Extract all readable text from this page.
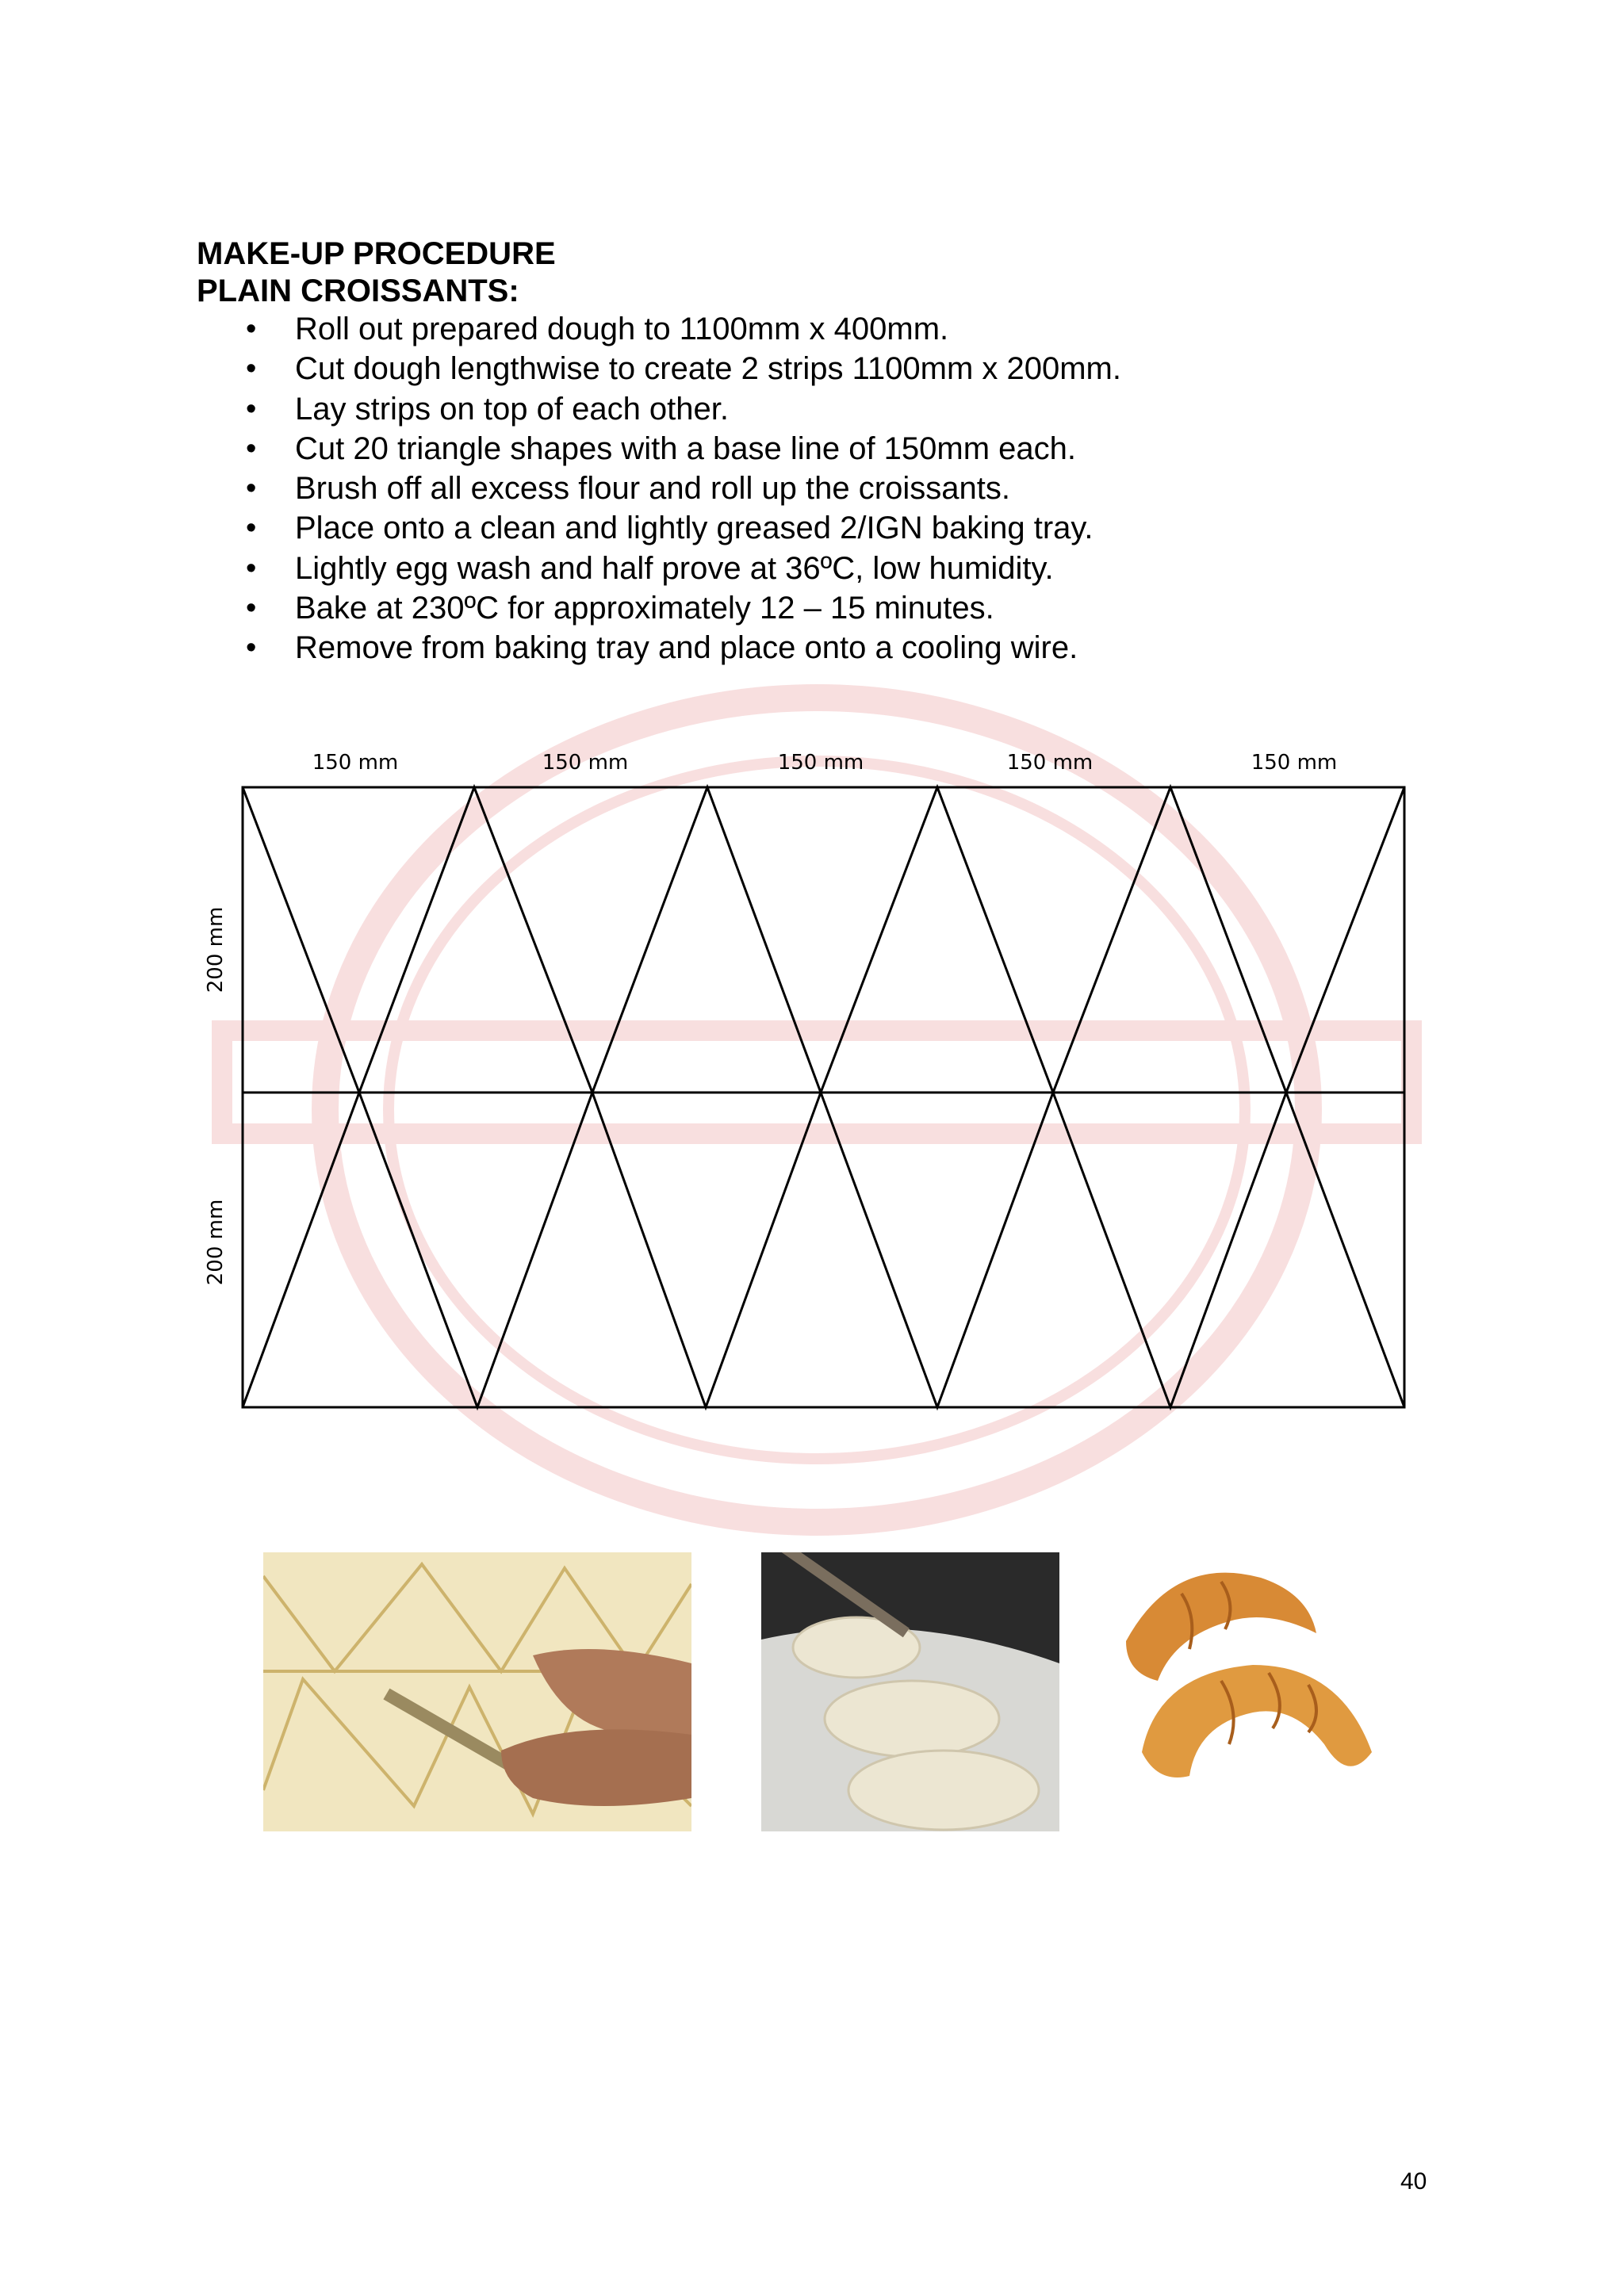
MAKE-UP PROCEDURE
PLAIN CROISSANTS:
• Roll out prepared dough to 1100mm x 400mm.
• Cut dough lengthwise to create 2 strips 1100mm x 200mm.
• Lay strips on top of each other.
• Cut 20 triangle shapes with a base line of 150mm each.
• Brush off all excess flour and roll up the croissants.
• Place onto a clean and lightly greased 2/IGN baking tray.
• Lightly egg wash and half prove at 36ºC, low humidity.
• Bake at 230ºC for approximately 12 – 15 minutes.
• Remove from baking tray and place onto a cooling wire.
150 mm	150 mm	150 mm	150 mm	150 mm
200 mm
200 mm
40
